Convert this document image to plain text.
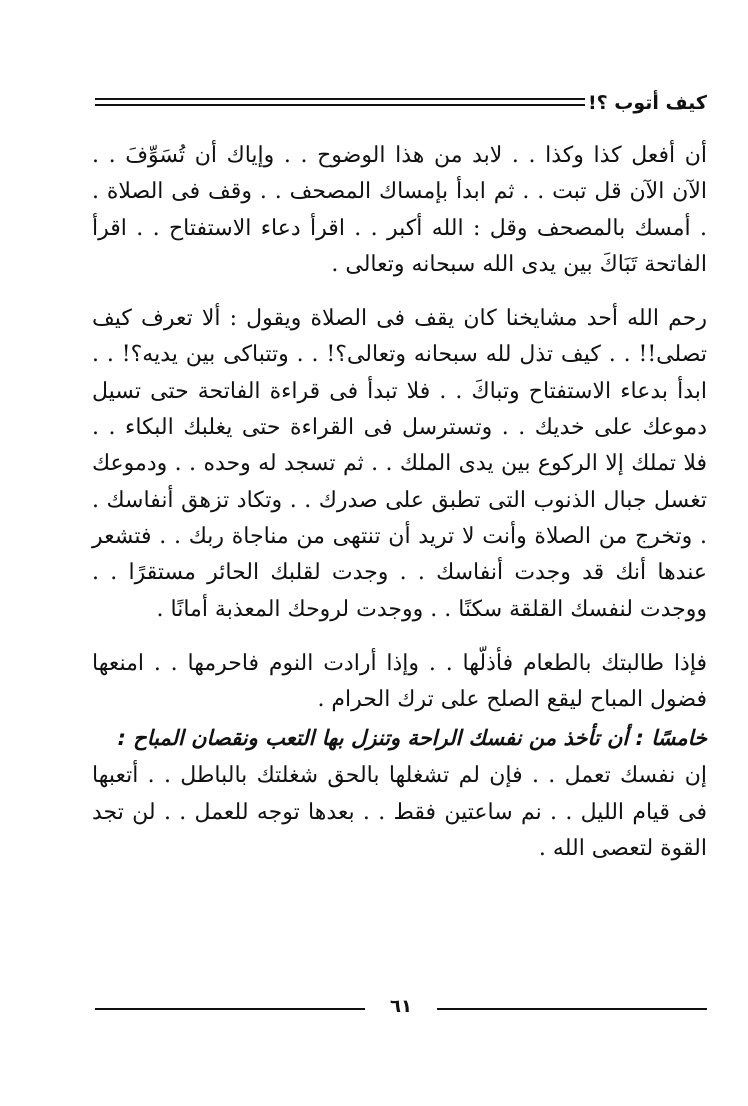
كيف أتوب ؟!

أن أفعل كذا وكذا . . لابد من هذا الوضوح . . وإياك أن تُسَوِّفَ . . الآن الآن قل تبت . . ثم ابدأ بإمساك المصحف . . وقف فى الصلاة . . أمسك بالمصحف وقل : الله أكبر . . اقرأ دعاء الاستفتاح . . اقرأ الفاتحة تَبَاكَ بين يدى الله سبحانه وتعالى .

رحم الله أحد مشايخنا كان يقف فى الصلاة ويقول : ألا تعرف كيف تصلى!! . . كيف تذل لله سبحانه وتعالى؟! . . وتتباكى بين يديه؟! . . ابدأ بدعاء الاستفتاح وتباكَ . . فلا تبدأ فى قراءة الفاتحة حتى تسيل دموعك على خديك . . وتسترسل فى القراءة حتى يغلبك البكاء . . فلا تملك إلا الركوع بين يدى الملك . . ثم تسجد له وحده . . ودموعك تغسل جبال الذنوب التى تطبق على صدرك . . وتكاد تزهق أنفاسك . . وتخرج من الصلاة وأنت لا تريد أن تنتهى من مناجاة ربك . . فتشعر عندها أنك قد وجدت أنفاسك . . وجدت لقلبك الحائر مستقرًا . . ووجدت لنفسك القلقة سكنًا . . ووجدت لروحك المعذبة أمانًا .

فإذا طالبتك بالطعام فأذلّها . . وإذا أرادت النوم فاحرمها . . امنعها فضول المباح ليقع الصلح على ترك الحرام .

خامسًا : أن تأخذ من نفسك الراحة وتنزل بها التعب ونقصان المباح :

إن نفسك تعمل . . فإن لم تشغلها بالحق شغلتك بالباطل . . أتعبها فى قيام الليل . . نم ساعتين فقط . . بعدها توجه للعمل . . لن تجد القوة لتعصى الله .

٦١
